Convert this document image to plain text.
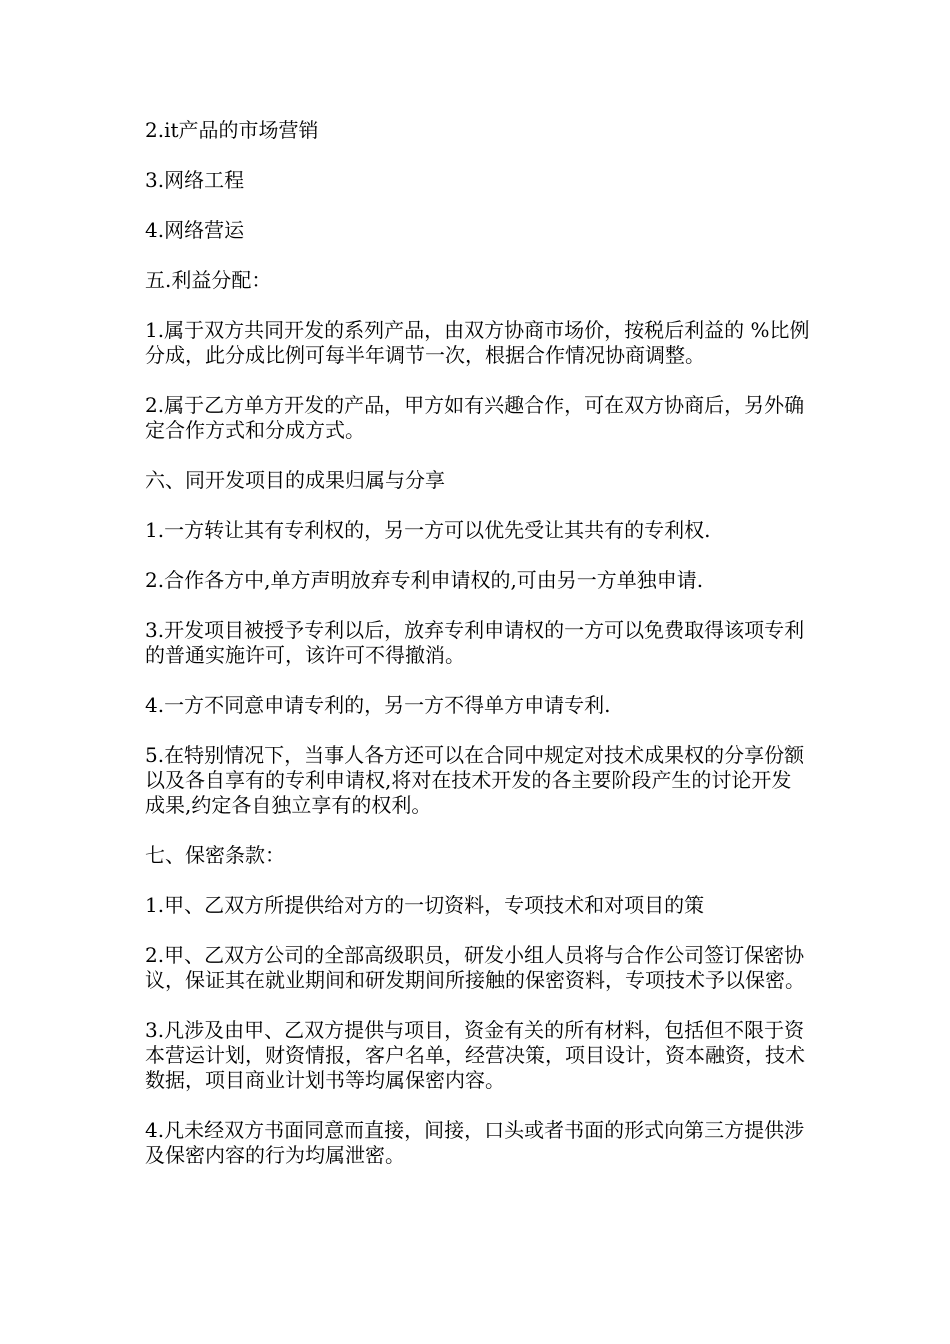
2.it产品的市场营销

3.网络工程

4.网络营运

五.利益分配：

1.属于双方共同开发的系列产品，由双方协商市场价，按税后利益的 %比例分成，此分成比例可每半年调节一次，根据合作情况协商调整。

2.属于乙方单方开发的产品，甲方如有兴趣合作，可在双方协商后，另外确定合作方式和分成方式。

六、同开发项目的成果归属与分享

1.一方转让其有专利权的，另一方可以优先受让其共有的专利权.

2.合作各方中,单方声明放弃专利申请权的,可由另一方单独申请.

3.开发项目被授予专利以后，放弃专利申请权的一方可以免费取得该项专利的普通实施许可，该许可不得撤消。

4.一方不同意申请专利的，另一方不得单方申请专利.

5.在特别情况下，当事人各方还可以在合同中规定对技术成果权的分享份额以及各自享有的专利申请权,将对在技术开发的各主要阶段产生的讨论开发成果,约定各自独立享有的权利。

七、保密条款：

1.甲、乙双方所提供给对方的一切资料，专项技术和对项目的策

2.甲、乙双方公司的全部高级职员，研发小组人员将与合作公司签订保密协议，保证其在就业期间和研发期间所接触的保密资料，专项技术予以保密。

3.凡涉及由甲、乙双方提供与项目，资金有关的所有材料，包括但不限于资本营运计划，财资情报，客户名单，经营决策，项目设计，资本融资，技术数据，项目商业计划书等均属保密内容。

4.凡未经双方书面同意而直接，间接，口头或者书面的形式向第三方提供涉及保密内容的行为均属泄密。
